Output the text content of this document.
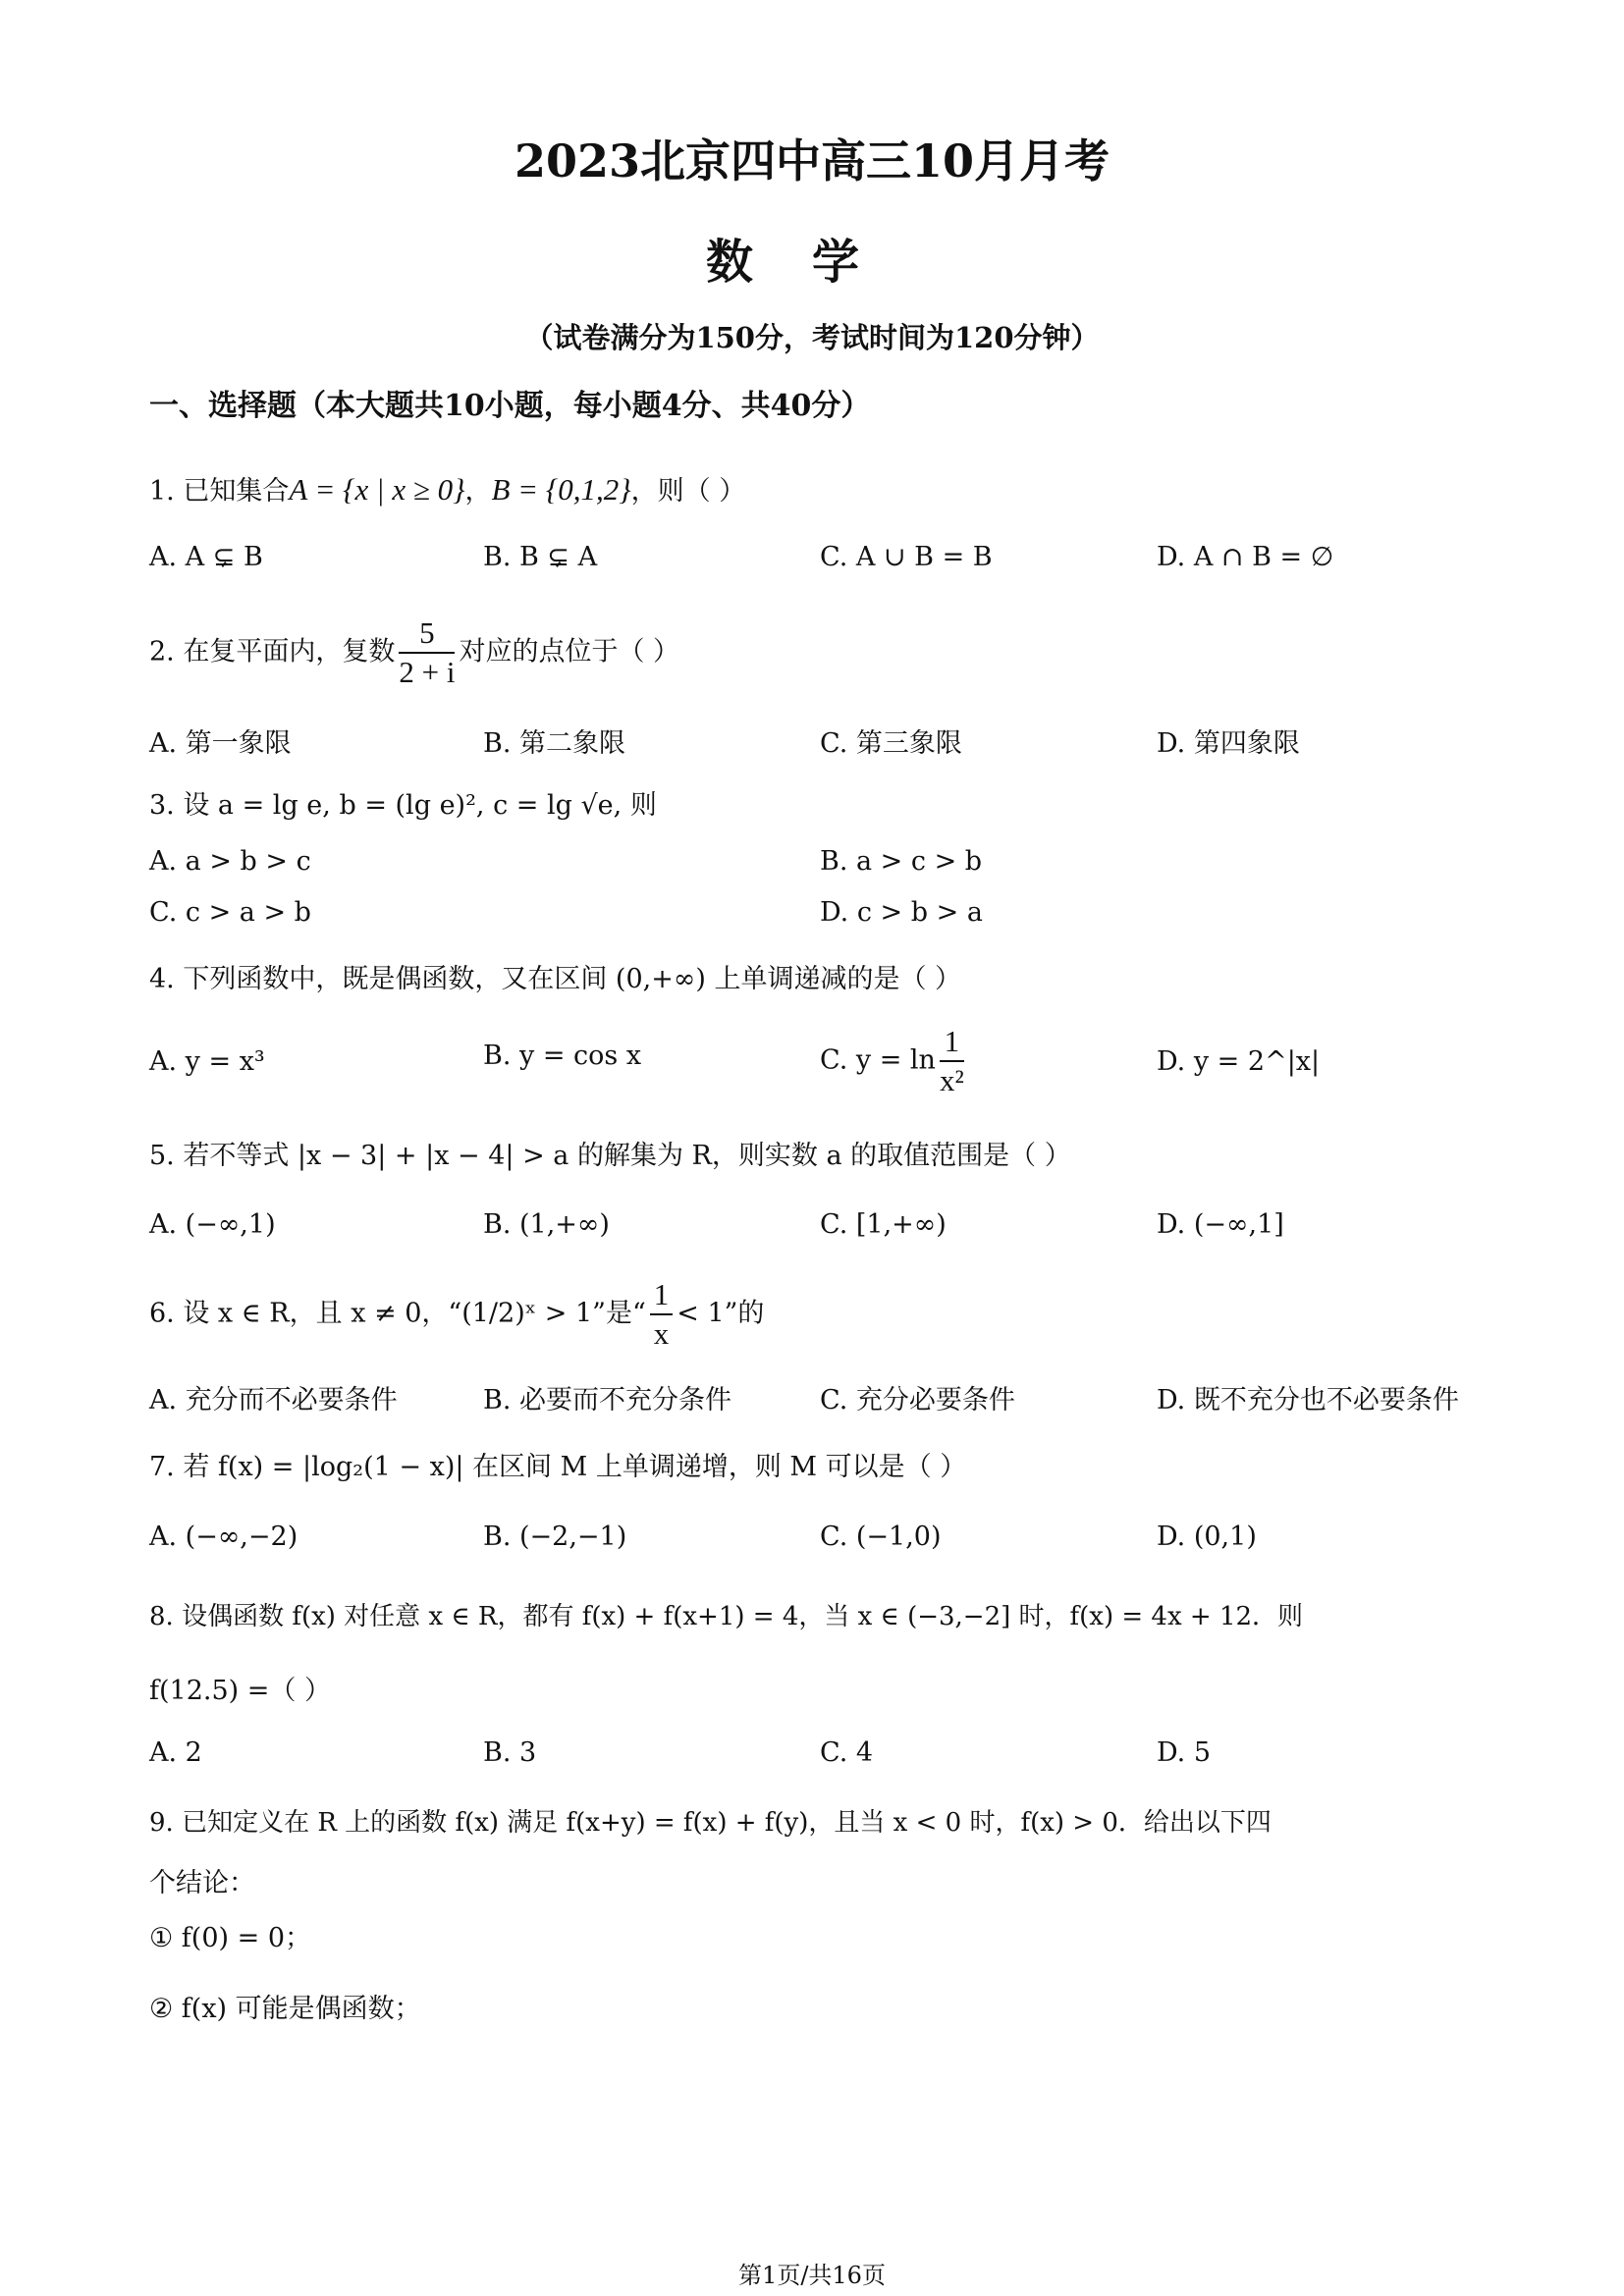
2023北京四中高三10月月考
数学
（试卷满分为150分，考试时间为120分钟）
一、选择题（本大题共10小题，每小题4分、共40分）
1. 已知集合A = {x | x ≥ 0}，B = {0,1,2}，则（ ）
A. A ⊊ B	B. B ⊊ A	C. A ∪ B = B	D. A ∩ B = ∅
2. 在复平面内，复数 $\frac{5}{2 + i}$ 对应的点位于（ ）
A. 第一象限	B. 第二象限	C. 第三象限	D. 第四象限
3. 设 a = lg e, b = (lg e)², c = lg √e, 则
A. a > b > c	B. a > c > b
C. c > a > b	D. c > b > a
4. 下列函数中，既是偶函数，又在区间 (0,+∞) 上单调递减的是（ ）
A. y = x³	B. y = cos x	C. $y = \ln \frac{1}{\text{x²}}$	D. y = 2^|x|
5. 若不等式 |x − 3| + |x − 4| > a 的解集为 R，则实数 a 的取值范围是（ ）
A. (−∞,1)	B. (1,+∞)	C. [1,+∞)	D. (−∞,1]
6. 设 x ∈ R，且 x ≠ 0，“(1/2)ˣ > 1”是“ $\frac{1}{x} < 1$”的
A. 充分而不必要条件	B. 必要而不充分条件	C. 充分必要条件	D. 既不充分也不必要条件
7. 若 f(x) = |log₂(1 − x)| 在区间 M 上单调递增，则 M 可以是（ ）
A. (−∞,−2)	B. (−2,−1)	C. (−1,0)	D. (0,1)
8. 设偶函数 f(x) 对任意 x ∈ R，都有 f(x) + f(x+1) = 4，当 x ∈ (−3,−2] 时，f(x) = 4x + 12．则
f(12.5) =（ ）
A. 2	B. 3	C. 4	D. 5
9. 已知定义在 R 上的函数 f(x) 满足 f(x+y) = f(x) + f(y)，且当 x < 0 时，f(x) > 0．给出以下四
个结论：
① f(0) = 0；
② f(x) 可能是偶函数；
第1页/共16页
